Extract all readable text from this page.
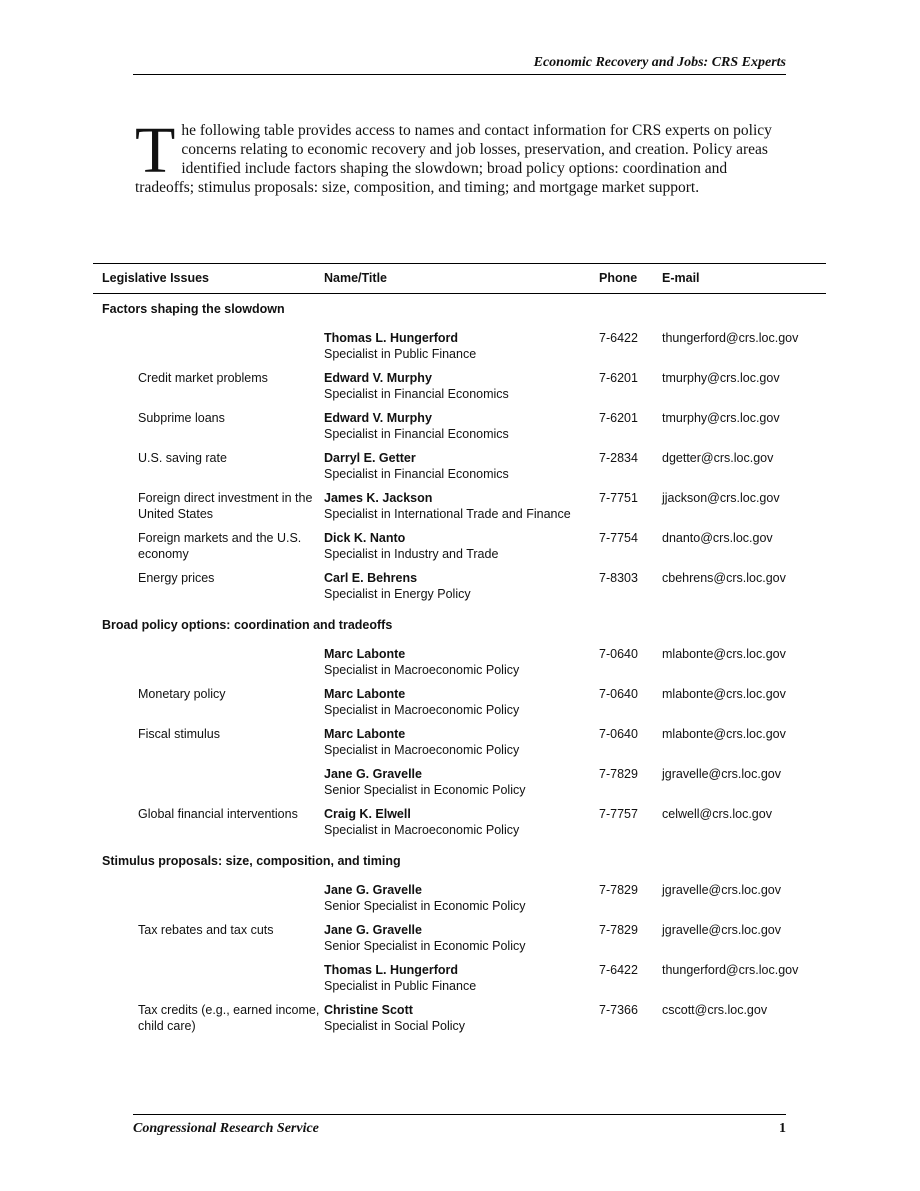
Economic Recovery and Jobs: CRS Experts
The following table provides access to names and contact information for CRS experts on policy concerns relating to economic recovery and job losses, preservation, and creation. Policy areas identified include factors shaping the slowdown; broad policy options: coordination and tradeoffs; stimulus proposals: size, composition, and timing; and mortgage market support.
Legislative Issues	Name/Title	Phone	E-mail
Factors shaping the slowdown			

	Thomas L. Hungerford
Specialist in Public Finance	7-6422	thungerford@crs.loc.gov

Credit market problems	Edward V. Murphy
Specialist in Financial Economics	7-6201	tmurphy@crs.loc.gov

Subprime loans	Edward V. Murphy
Specialist in Financial Economics	7-6201	tmurphy@crs.loc.gov

U.S. saving rate	Darryl E. Getter
Specialist in Financial Economics	7-2834	dgetter@crs.loc.gov

Foreign direct investment in the United States	James K. Jackson
Specialist in International Trade and Finance	7-7751	jjackson@crs.loc.gov

Foreign markets and the U.S. economy	Dick K. Nanto
Specialist in Industry and Trade	7-7754	dnanto@crs.loc.gov

Energy prices	Carl E. Behrens
Specialist in Energy Policy	7-8303	cbehrens@crs.loc.gov
Broad policy options: coordination and tradeoffs			

	Marc Labonte
Specialist in Macroeconomic Policy	7-0640	mlabonte@crs.loc.gov

Monetary policy	Marc Labonte
Specialist in Macroeconomic Policy	7-0640	mlabonte@crs.loc.gov

Fiscal stimulus	Marc Labonte
Specialist in Macroeconomic Policy	7-0640	mlabonte@crs.loc.gov

	Jane G. Gravelle
Senior Specialist in Economic Policy	7-7829	jgravelle@crs.loc.gov

Global financial interventions	Craig K. Elwell
Specialist in Macroeconomic Policy	7-7757	celwell@crs.loc.gov
Stimulus proposals: size, composition, and timing			

	Jane G. Gravelle
Senior Specialist in Economic Policy	7-7829	jgravelle@crs.loc.gov

Tax rebates and tax cuts	Jane G. Gravelle
Senior Specialist in Economic Policy	7-7829	jgravelle@crs.loc.gov

	Thomas L. Hungerford
Specialist in Public Finance	7-6422	thungerford@crs.loc.gov

Tax credits (e.g., earned income, child care)	Christine Scott
Specialist in Social Policy	7-7366	cscott@crs.loc.gov
Congressional Research Service	1
